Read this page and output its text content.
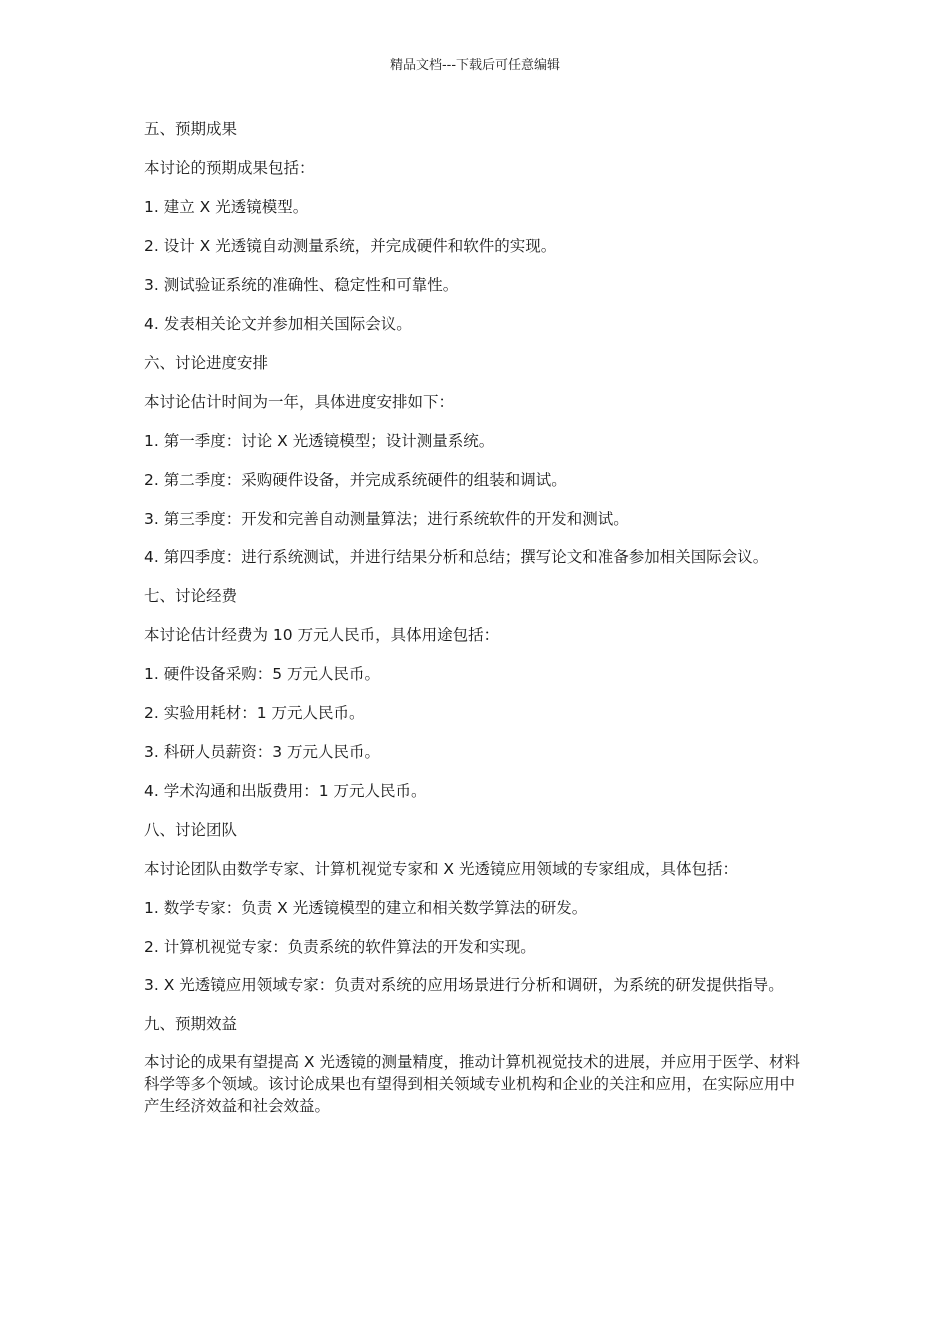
精品文档---下载后可任意编辑

五、预期成果

本讨论的预期成果包括：

1. 建立 X 光透镜模型。

2. 设计 X 光透镜自动测量系统，并完成硬件和软件的实现。

3. 测试验证系统的准确性、稳定性和可靠性。

4. 发表相关论文并参加相关国际会议。

六、讨论进度安排

本讨论估计时间为一年，具体进度安排如下：

1. 第一季度：讨论 X 光透镜模型；设计测量系统。

2. 第二季度：采购硬件设备，并完成系统硬件的组装和调试。

3. 第三季度：开发和完善自动测量算法；进行系统软件的开发和测试。

4. 第四季度：进行系统测试，并进行结果分析和总结；撰写论文和准备参加相关国际会议。

七、讨论经费

本讨论估计经费为 10 万元人民币，具体用途包括：

1. 硬件设备采购：5 万元人民币。

2. 实验用耗材：1 万元人民币。

3. 科研人员薪资：3 万元人民币。

4. 学术沟通和出版费用：1 万元人民币。

八、讨论团队

本讨论团队由数学专家、计算机视觉专家和 X 光透镜应用领域的专家组成，具体包括：

1. 数学专家：负责 X 光透镜模型的建立和相关数学算法的研发。

2. 计算机视觉专家：负责系统的软件算法的开发和实现。

3. X 光透镜应用领域专家：负责对系统的应用场景进行分析和调研，为系统的研发提供指导。

九、预期效益

本讨论的成果有望提高 X 光透镜的测量精度，推动计算机视觉技术的进展，并应用于医学、材料科学等多个领域。该讨论成果也有望得到相关领域专业机构和企业的关注和应用，在实际应用中产生经济效益和社会效益。
